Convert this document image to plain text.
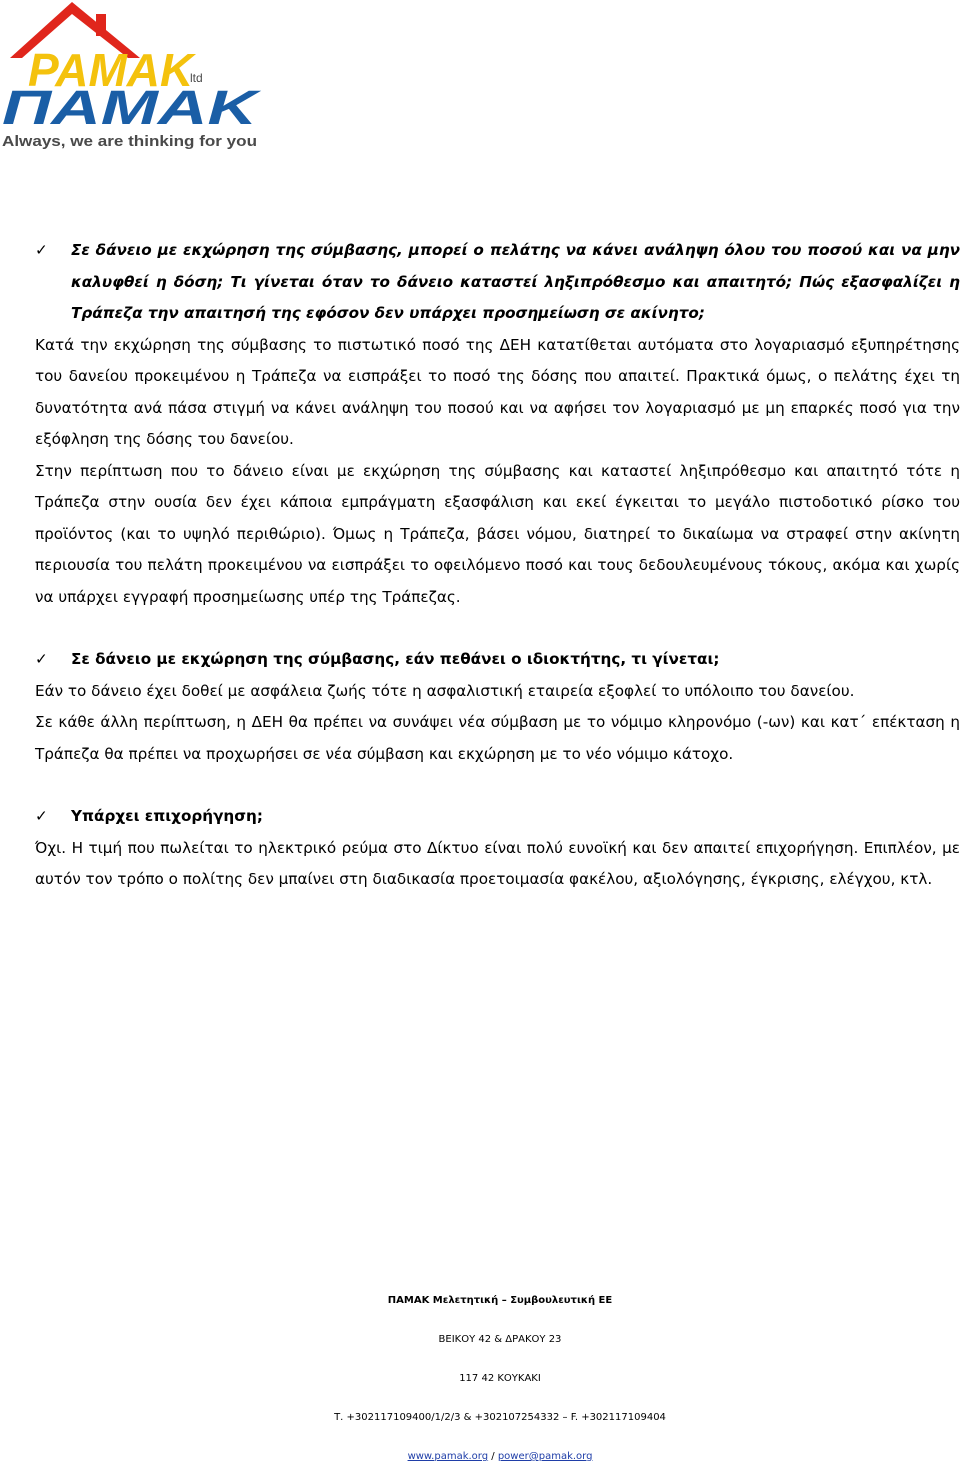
ΡΑΜΑΚ
ltd
ΠΑΜΑΚ
Always, we are thinking for you

✓ Σε δάνειο με εκχώρηση της σύμβασης, μπορεί ο πελάτης να κάνει ανάληψη όλου του ποσού και να μην καλυφθεί η δόση; Τι γίνεται όταν το δάνειο καταστεί ληξιπρόθεσμο και απαιτητό; Πώς εξασφαλίζει η Τράπεζα την απαιτησή της εφόσον δεν υπάρχει προσημείωση σε ακίνητο;

Κατά την εκχώρηση της σύμβασης το πιστωτικό ποσό της ΔΕΗ κατατίθεται αυτόματα στο λογαριασμό εξυπηρέτησης του δανείου προκειμένου η Τράπεζα να εισπράξει το ποσό της δόσης που απαιτεί. Πρακτικά όμως, ο πελάτης έχει τη δυνατότητα ανά πάσα στιγμή να κάνει ανάληψη του ποσού και να αφήσει τον λογαριασμό με μη επαρκές ποσό για την εξόφληση της δόσης του δανείου.

Στην περίπτωση που το δάνειο είναι με εκχώρηση της σύμβασης και καταστεί ληξιπρόθεσμο και απαιτητό τότε η Τράπεζα στην ουσία δεν έχει κάποια εμπράγματη εξασφάλιση και εκεί έγκειται το μεγάλο πιστοδοτικό ρίσκο του προϊόντος (και το υψηλό περιθώριο). Όμως η Τράπεζα, βάσει νόμου, διατηρεί το δικαίωμα να στραφεί στην ακίνητη περιουσία του πελάτη προκειμένου να εισπράξει το οφειλόμενο ποσό και τους δεδουλευμένους τόκους, ακόμα και χωρίς να υπάρχει εγγραφή προσημείωσης υπέρ της Τράπεζας.

✓ Σε δάνειο με εκχώρηση της σύμβασης, εάν πεθάνει ο ιδιοκτήτης, τι γίνεται;

Εάν το δάνειο έχει δοθεί με ασφάλεια ζωής τότε η ασφαλιστική εταιρεία εξοφλεί το υπόλοιπο του δανείου.

Σε κάθε άλλη περίπτωση, η ΔΕΗ θα πρέπει να συνάψει νέα σύμβαση με το νόμιμο κληρονόμο (-ων) και κατ΄ επέκταση η Τράπεζα θα πρέπει να προχωρήσει σε νέα σύμβαση και εκχώρηση με το νέο νόμιμο κάτοχο.

✓ Υπάρχει επιχορήγηση;

Όχι. Η τιμή που πωλείται το ηλεκτρικό ρεύμα στο Δίκτυο είναι πολύ ευνοϊκή και δεν απαιτεί επιχορήγηση. Επιπλέον, με αυτόν τον τρόπο ο πολίτης δεν μπαίνει στη διαδικασία προετοιμασία φακέλου, αξιολόγησης, έγκρισης, ελέγχου, κτλ.

ΠΑΜΑΚ Μελετητική – Συμβουλευτική ΕΕ
ΒΕΙΚΟΥ 42 & ΔΡΑΚΟΥ 23
117 42 ΚΟΥΚΑΚΙ
Τ. +302117109400/1/2/3 & +302107254332 – F. +302117109404
www.pamak.org / power@pamak.org
